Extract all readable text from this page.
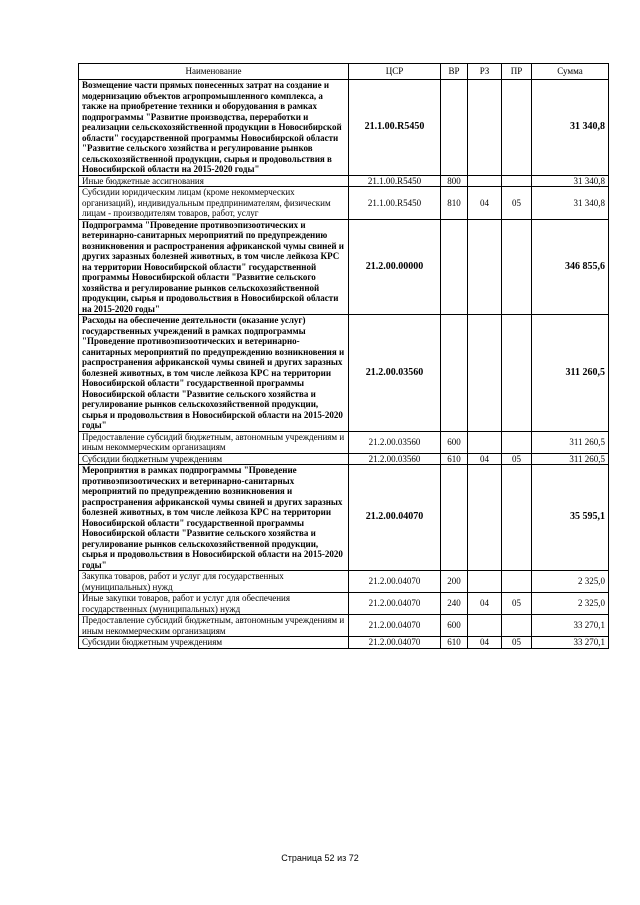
Наименование	ЦСР	ВР	РЗ	ПР	Сумма
Возмещение части прямых понесенных затрат на создание и модернизацию объектов агропромышленного комплекса, а также на приобретение техники и оборудования в рамках подпрограммы "Развитие производства, переработки и реализации сельскохозяйственной продукции в Новосибирской области" государственной программы Новосибирской области "Развитие сельского хозяйства и регулирование рынков сельскохозяйственной продукции, сырья и продовольствия в Новосибирской области на 2015-2020 годы"	21.1.00.R5450				31 340,8
Иные бюджетные ассигнования	21.1.00.R5450	800			31 340,8
Субсидии юридическим лицам (кроме некоммерческих организаций), индивидуальным предпринимателям, физическим лицам - производителям товаров, работ, услуг	21.1.00.R5450	810	04	05	31 340,8
Подпрограмма "Проведение противоэпизоотических и ветеринарно-санитарных мероприятий по предупреждению возникновения и распространения африканской чумы свиней и других заразных болезней животных, в том числе лейкоза КРС на территории Новосибирской области" государственной программы Новосибирской области "Развитие сельского хозяйства и регулирование рынков сельскохозяйственной продукции, сырья и продовольствия в Новосибирской области на 2015-2020 годы"	21.2.00.00000				346 855,6
Расходы на обеспечение деятельности (оказание услуг) государственных учреждений в рамках подпрограммы "Проведение противоэпизоотических и ветеринарно-санитарных мероприятий по предупреждению возникновения и распространения африканской чумы свиней и других заразных болезней животных, в том числе лейкоза КРС на территории Новосибирской области" государственной программы Новосибирской области "Развитие сельского хозяйства и регулирование рынков сельскохозяйственной продукции, сырья и продовольствия в Новосибирской области на 2015-2020 годы"	21.2.00.03560				311 260,5
Предоставление субсидий бюджетным, автономным учреждениям и иным некоммерческим организациям	21.2.00.03560	600			311 260,5
Субсидии бюджетным учреждениям	21.2.00.03560	610	04	05	311 260,5
Мероприятия в рамках подпрограммы "Проведение противоэпизоотических и ветеринарно-санитарных мероприятий по предупреждению возникновения и распространения африканской чумы свиней и других заразных болезней животных, в том числе лейкоза КРС на территории Новосибирской области" государственной программы Новосибирской области "Развитие сельского хозяйства и регулирование рынков сельскохозяйственной продукции, сырья и продовольствия в Новосибирской области на 2015-2020 годы"	21.2.00.04070				35 595,1
Закупка товаров, работ и услуг для государственных (муниципальных) нужд	21.2.00.04070	200			2 325,0
Иные закупки товаров, работ и услуг для обеспечения государственных (муниципальных) нужд	21.2.00.04070	240	04	05	2 325,0
Предоставление субсидий бюджетным, автономным учреждениям и иным некоммерческим организациям	21.2.00.04070	600			33 270,1
Субсидии бюджетным учреждениям	21.2.00.04070	610	04	05	33 270,1
Страница 52 из 72
